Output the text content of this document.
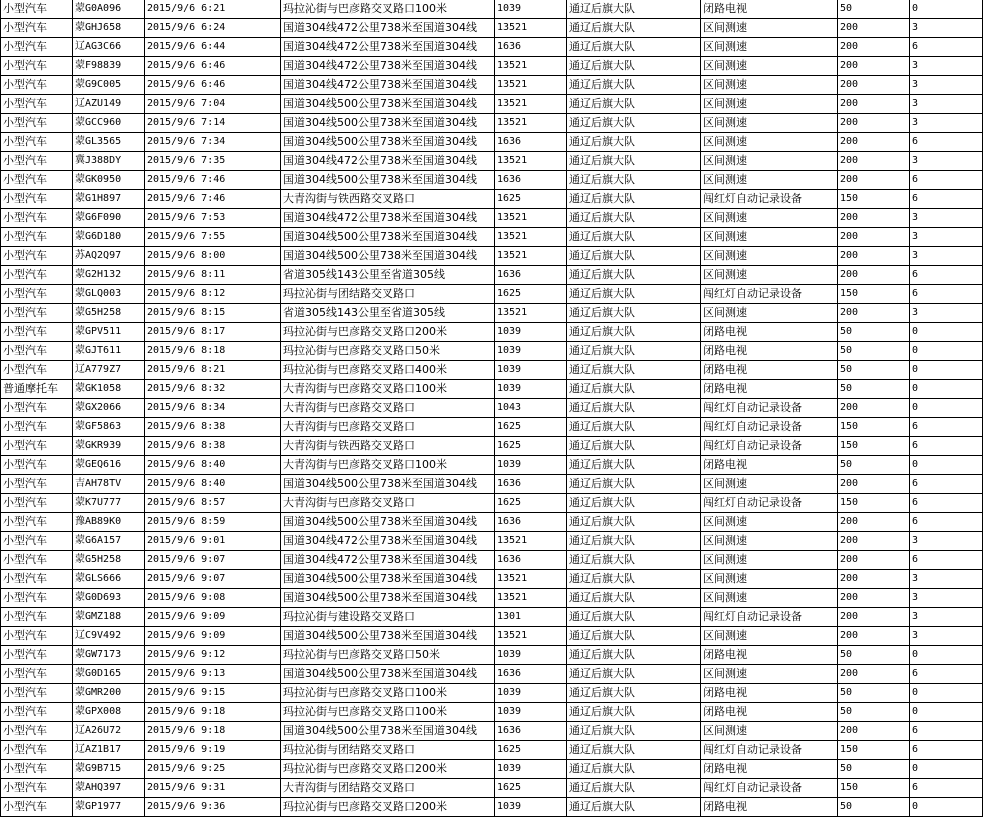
小型汽车	蒙G0A096	2015/9/6 6:21	玛拉沁街与巴彦路交叉路口100米	1039	通辽后旗大队	闭路电视	50	0
小型汽车	蒙GHJ658	2015/9/6 6:24	国道304线472公里738米至国道304线	13521	通辽后旗大队	区间测速	200	3
小型汽车	辽AG3C66	2015/9/6 6:44	国道304线472公里738米至国道304线	1636	通辽后旗大队	区间测速	200	6
小型汽车	蒙F98839	2015/9/6 6:46	国道304线472公里738米至国道304线	13521	通辽后旗大队	区间测速	200	3
小型汽车	蒙G9C005	2015/9/6 6:46	国道304线472公里738米至国道304线	13521	通辽后旗大队	区间测速	200	3
小型汽车	辽AZU149	2015/9/6 7:04	国道304线500公里738米至国道304线	13521	通辽后旗大队	区间测速	200	3
小型汽车	蒙GCC960	2015/9/6 7:14	国道304线500公里738米至国道304线	13521	通辽后旗大队	区间测速	200	3
小型汽车	蒙GL3565	2015/9/6 7:34	国道304线500公里738米至国道304线	1636	通辽后旗大队	区间测速	200	6
小型汽车	冀J388DY	2015/9/6 7:35	国道304线472公里738米至国道304线	13521	通辽后旗大队	区间测速	200	3
小型汽车	蒙GK0950	2015/9/6 7:46	国道304线500公里738米至国道304线	1636	通辽后旗大队	区间测速	200	6
小型汽车	蒙G1H897	2015/9/6 7:46	大青沟街与铁西路交叉路口	1625	通辽后旗大队	闯红灯自动记录设备	150	6
小型汽车	蒙G6F090	2015/9/6 7:53	国道304线472公里738米至国道304线	13521	通辽后旗大队	区间测速	200	3
小型汽车	蒙G6D180	2015/9/6 7:55	国道304线500公里738米至国道304线	13521	通辽后旗大队	区间测速	200	3
小型汽车	苏AQ2Q97	2015/9/6 8:00	国道304线500公里738米至国道304线	13521	通辽后旗大队	区间测速	200	3
小型汽车	蒙G2H132	2015/9/6 8:11	省道305线143公里至省道305线	1636	通辽后旗大队	区间测速	200	6
小型汽车	蒙GLQ003	2015/9/6 8:12	玛拉沁街与团结路交叉路口	1625	通辽后旗大队	闯红灯自动记录设备	150	6
小型汽车	蒙G5H258	2015/9/6 8:15	省道305线143公里至省道305线	13521	通辽后旗大队	区间测速	200	3
小型汽车	蒙GPV511	2015/9/6 8:17	玛拉沁街与巴彦路交叉路口200米	1039	通辽后旗大队	闭路电视	50	0
小型汽车	蒙GJT611	2015/9/6 8:18	玛拉沁街与巴彦路交叉路口50米	1039	通辽后旗大队	闭路电视	50	0
小型汽车	辽A779Z7	2015/9/6 8:21	玛拉沁街与巴彦路交叉路口400米	1039	通辽后旗大队	闭路电视	50	0
普通摩托车	蒙GK1058	2015/9/6 8:32	大青沟街与巴彦路交叉路口100米	1039	通辽后旗大队	闭路电视	50	0
小型汽车	蒙GX2066	2015/9/6 8:34	大青沟街与巴彦路交叉路口	1043	通辽后旗大队	闯红灯自动记录设备	200	0
小型汽车	蒙GF5863	2015/9/6 8:38	大青沟街与巴彦路交叉路口	1625	通辽后旗大队	闯红灯自动记录设备	150	6
小型汽车	蒙GKR939	2015/9/6 8:38	大青沟街与铁西路交叉路口	1625	通辽后旗大队	闯红灯自动记录设备	150	6
小型汽车	蒙GEQ616	2015/9/6 8:40	大青沟街与巴彦路交叉路口100米	1039	通辽后旗大队	闭路电视	50	0
小型汽车	吉AH78TV	2015/9/6 8:40	国道304线500公里738米至国道304线	1636	通辽后旗大队	区间测速	200	6
小型汽车	蒙K7U777	2015/9/6 8:57	大青沟街与巴彦路交叉路口	1625	通辽后旗大队	闯红灯自动记录设备	150	6
小型汽车	豫AB89K0	2015/9/6 8:59	国道304线500公里738米至国道304线	1636	通辽后旗大队	区间测速	200	6
小型汽车	蒙G6A157	2015/9/6 9:01	国道304线472公里738米至国道304线	13521	通辽后旗大队	区间测速	200	3
小型汽车	蒙G5H258	2015/9/6 9:07	国道304线472公里738米至国道304线	1636	通辽后旗大队	区间测速	200	6
小型汽车	蒙GLS666	2015/9/6 9:07	国道304线500公里738米至国道304线	13521	通辽后旗大队	区间测速	200	3
小型汽车	蒙G0D693	2015/9/6 9:08	国道304线500公里738米至国道304线	13521	通辽后旗大队	区间测速	200	3
小型汽车	蒙GMZ188	2015/9/6 9:09	玛拉沁街与建设路交叉路口	1301	通辽后旗大队	闯红灯自动记录设备	200	3
小型汽车	辽C9V492	2015/9/6 9:09	国道304线500公里738米至国道304线	13521	通辽后旗大队	区间测速	200	3
小型汽车	蒙GW7173	2015/9/6 9:12	玛拉沁街与巴彦路交叉路口50米	1039	通辽后旗大队	闭路电视	50	0
小型汽车	蒙G0D165	2015/9/6 9:13	国道304线500公里738米至国道304线	1636	通辽后旗大队	区间测速	200	6
小型汽车	蒙GMR200	2015/9/6 9:15	玛拉沁街与巴彦路交叉路口100米	1039	通辽后旗大队	闭路电视	50	0
小型汽车	蒙GPX008	2015/9/6 9:18	玛拉沁街与巴彦路交叉路口100米	1039	通辽后旗大队	闭路电视	50	0
小型汽车	辽A26U72	2015/9/6 9:18	国道304线500公里738米至国道304线	1636	通辽后旗大队	区间测速	200	6
小型汽车	辽AZ1B17	2015/9/6 9:19	玛拉沁街与团结路交叉路口	1625	通辽后旗大队	闯红灯自动记录设备	150	6
小型汽车	蒙G9B715	2015/9/6 9:25	玛拉沁街与巴彦路交叉路口200米	1039	通辽后旗大队	闭路电视	50	0
小型汽车	蒙AHQ397	2015/9/6 9:31	大青沟街与团结路交叉路口	1625	通辽后旗大队	闯红灯自动记录设备	150	6
小型汽车	蒙GP1977	2015/9/6 9:36	玛拉沁街与巴彦路交叉路口200米	1039	通辽后旗大队	闭路电视	50	0
